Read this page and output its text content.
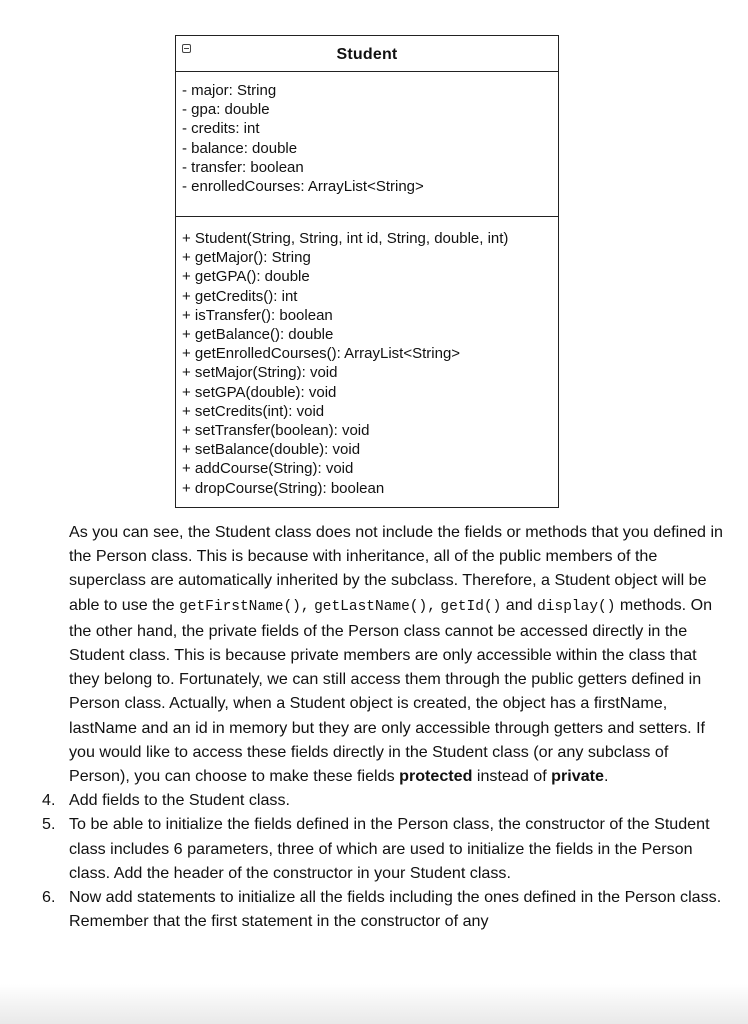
Student
- major: String
- gpa: double
- credits: int
- balance: double
- transfer: boolean
- enrolledCourses: ArrayList<String>
+ Student(String, String, int id, String, double, int)
+ getMajor(): String
+ getGPA(): double
+ getCredits(): int
+ isTransfer(): boolean
+ getBalance(): double
+ getEnrolledCourses(): ArrayList<String>
+ setMajor(String): void
+ setGPA(double): void
+ setCredits(int): void
+ setTransfer(boolean): void
+ setBalance(double): void
+ addCourse(String): void
+ dropCourse(String): boolean
As you can see, the Student class does not include the fields or methods that you defined in the Person class. This is because with inheritance, all of the public members of the superclass are automatically inherited by the subclass. Therefore, a Student object will be able to use the getFirstName(), getLastName(), getId() and display() methods. On the other hand, the private fields of the Person class cannot be accessed directly in the Student class. This is because private members are only accessible within the class that they belong to. Fortunately, we can still access them through the public getters defined in Person class. Actually, when a Student object is created, the object has a firstName, lastName and an id in memory but they are only accessible through getters and setters. If you would like to access these fields directly in the Student class (or any subclass of Person), you can choose to make these fields protected instead of private.
4. Add fields to the Student class.
5. To be able to initialize the fields defined in the Person class, the constructor of the Student class includes 6 parameters, three of which are used to initialize the fields in the Person class. Add the header of the constructor in your Student class.
6. Now add statements to initialize all the fields including the ones defined in the Person class. Remember that the first statement in the constructor of any
